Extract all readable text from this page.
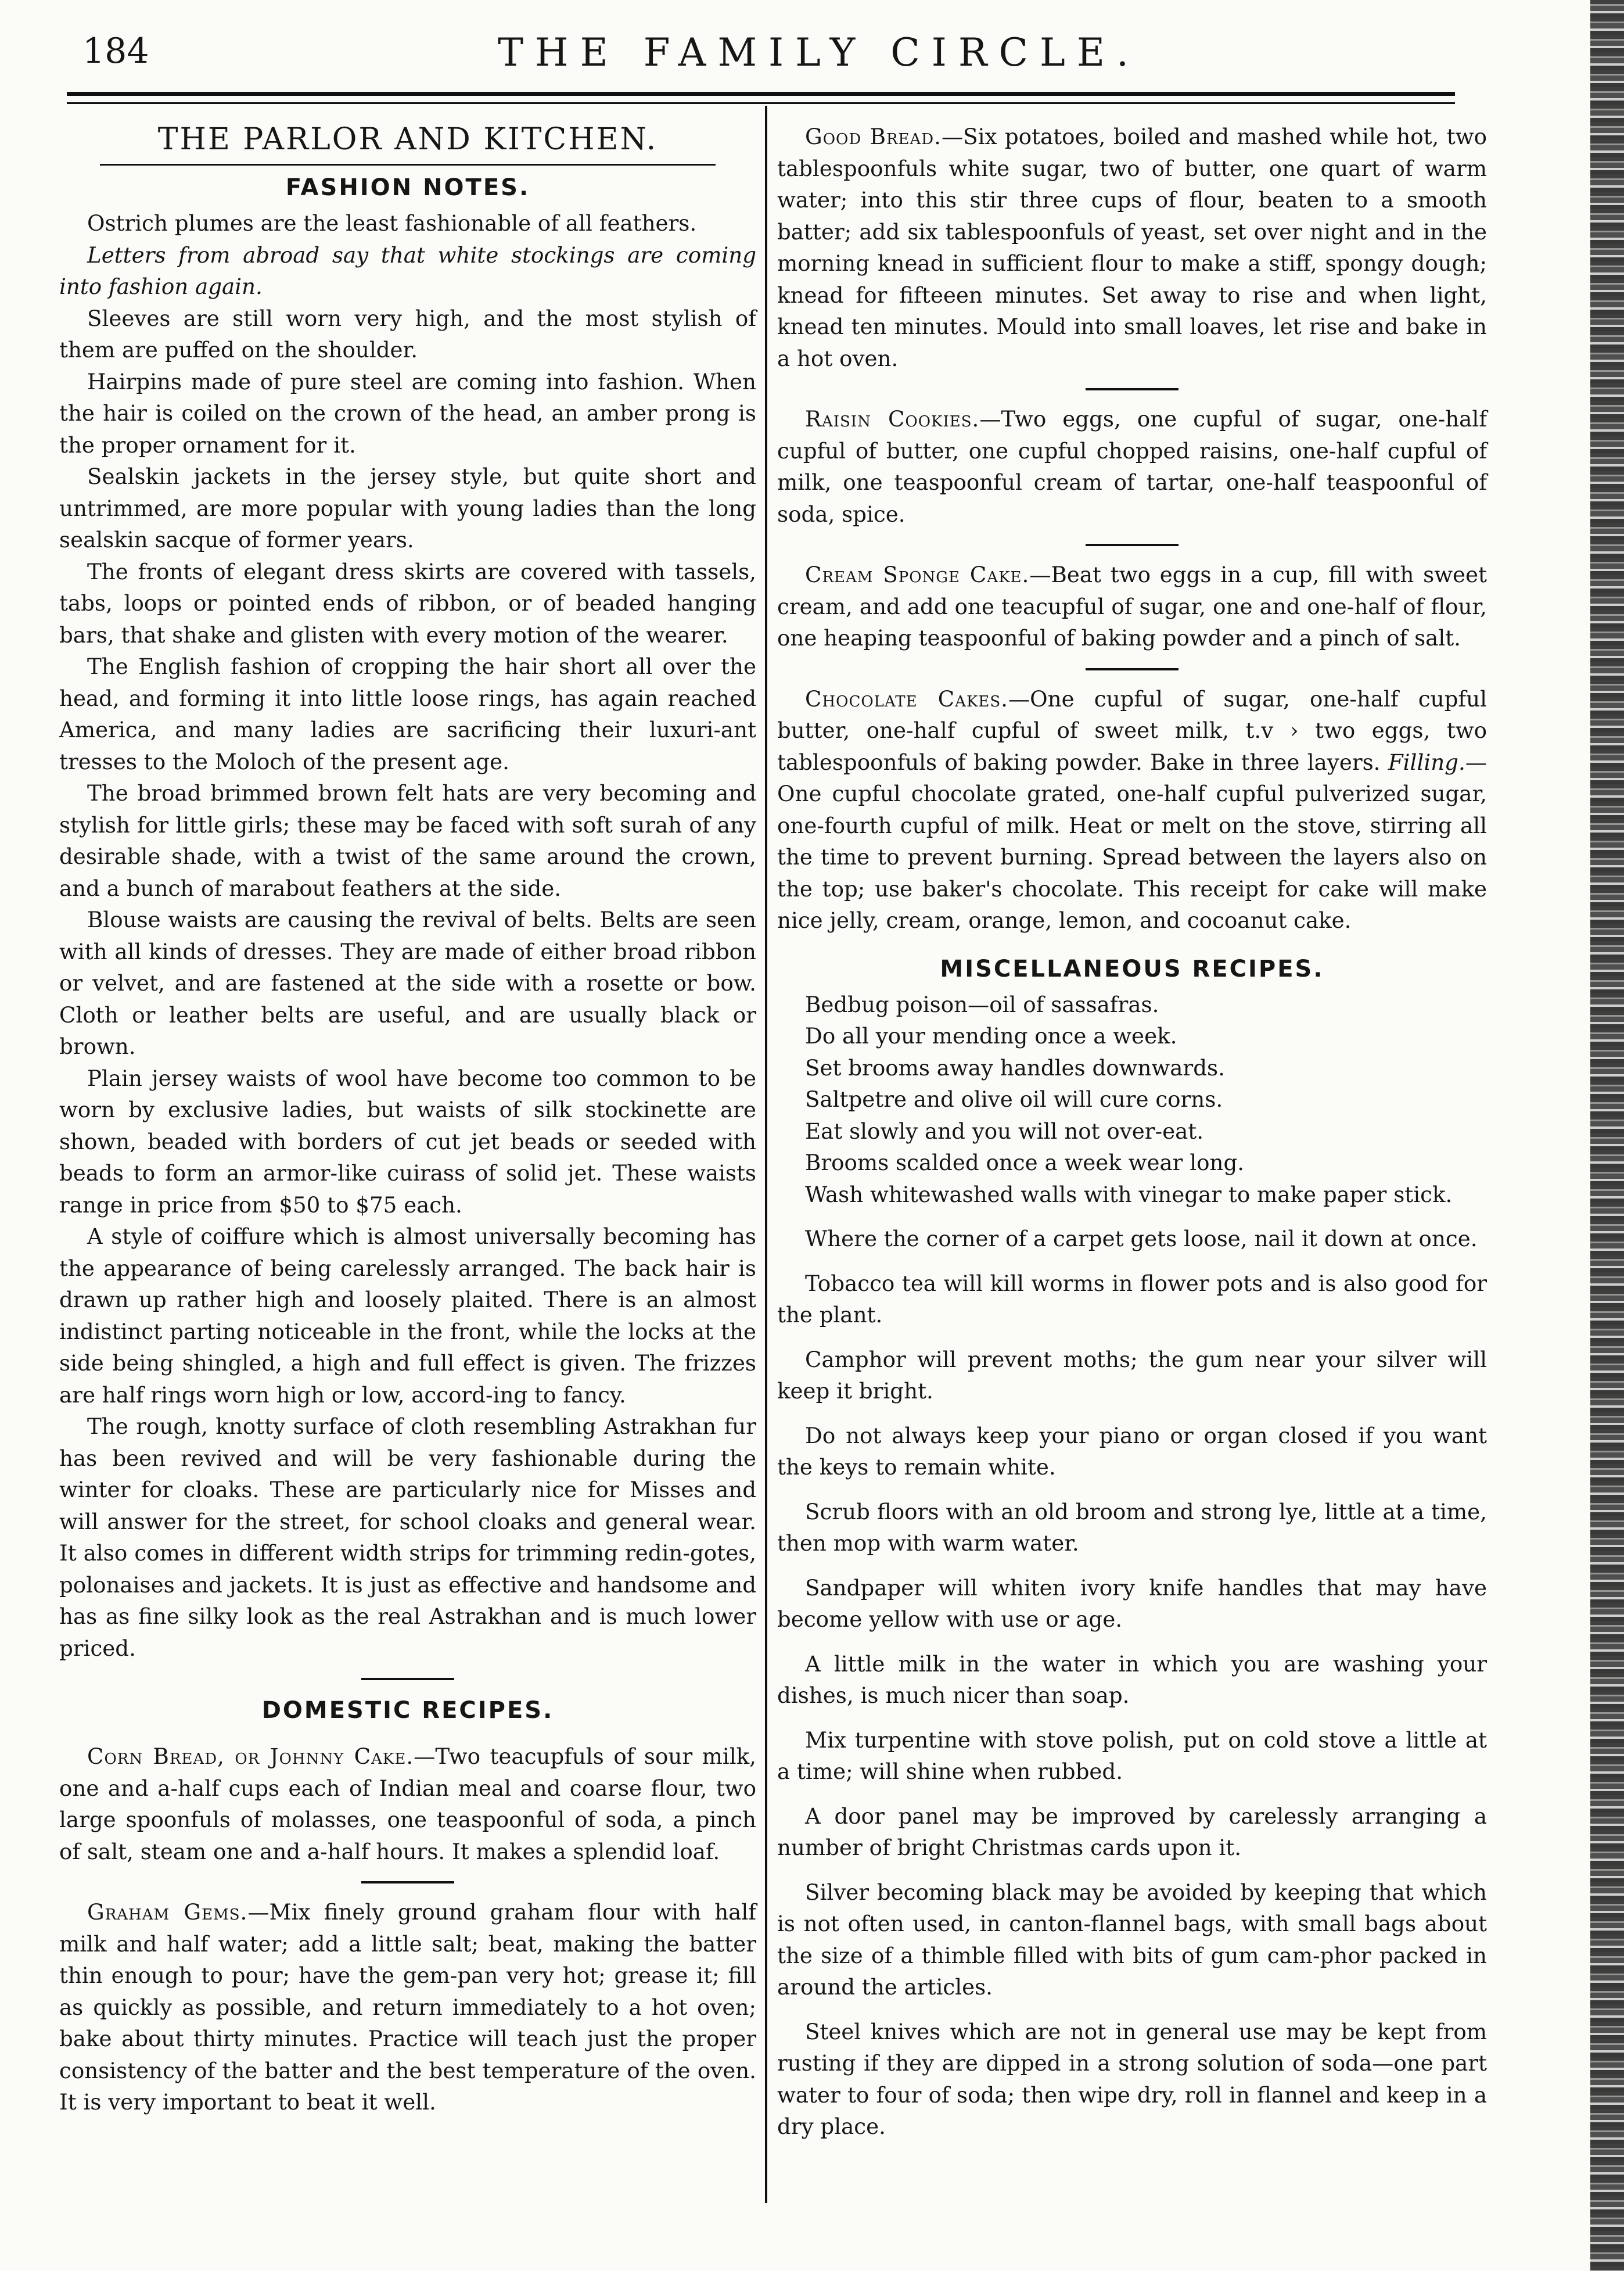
184	THE FAMILY CIRCLE.
THE PARLOR AND KITCHEN.
FASHION NOTES.

Ostrich plumes are the least fashionable of all feathers.

Letters from abroad say that white stockings are coming into fashion again.

Sleeves are still worn very high, and the most stylish of them are puffed on the shoulder.

Hairpins made of pure steel are coming into fashion. When the hair is coiled on the crown of the head, an amber prong is the proper ornament for it.

Sealskin jackets in the jersey style, but quite short and untrimmed, are more popular with young ladies than the long sealskin sacque of former years.

The fronts of elegant dress skirts are covered with tassels, tabs, loops or pointed ends of ribbon, or of beaded hanging bars, that shake and glisten with every motion of the wearer.

The English fashion of cropping the hair short all over the head, and forming it into little loose rings, has again reached America, and many ladies are sacrificing their luxuri-ant tresses to the Moloch of the present age.

The broad brimmed brown felt hats are very becoming and stylish for little girls; these may be faced with soft surah of any desirable shade, with a twist of the same around the crown, and a bunch of marabout feathers at the side.

Blouse waists are causing the revival of belts. Belts are seen with all kinds of dresses. They are made of either broad ribbon or velvet, and are fastened at the side with a rosette or bow. Cloth or leather belts are useful, and are usually black or brown.

Plain jersey waists of wool have become too common to be worn by exclusive ladies, but waists of silk stockinette are shown, beaded with borders of cut jet beads or seeded with beads to form an armor-like cuirass of solid jet. These waists range in price from $50 to $75 each.

A style of coiffure which is almost universally becoming has the appearance of being carelessly arranged. The back hair is drawn up rather high and loosely plaited. There is an almost indistinct parting noticeable in the front, while the locks at the side being shingled, a high and full effect is given. The frizzes are half rings worn high or low, accord-ing to fancy.

The rough, knotty surface of cloth resembling Astrakhan fur has been revived and will be very fashionable during the winter for cloaks. These are particularly nice for Misses and will answer for the street, for school cloaks and general wear. It also comes in different width strips for trimming redin-gotes, polonaises and jackets. It is just as effective and handsome and has as fine silky look as the real Astrakhan and is much lower priced.

DOMESTIC RECIPES.

Corn Bread, or Johnny Cake.—Two teacupfuls of sour milk, one and a-half cups each of Indian meal and coarse flour, two large spoonfuls of molasses, one teaspoonful of soda, a pinch of salt, steam one and a-half hours. It makes a splendid loaf.

Graham Gems.—Mix finely ground graham flour with half milk and half water; add a little salt; beat, making the batter thin enough to pour; have the gem-pan very hot; grease it; fill as quickly as possible, and return immediately to a hot oven; bake about thirty minutes. Practice will teach just the proper consistency of the batter and the best temperature of the oven. It is very important to beat it well.

Good Bread.—Six potatoes, boiled and mashed while hot, two tablespoonfuls white sugar, two of butter, one quart of warm water; into this stir three cups of flour, beaten to a smooth batter; add six tablespoonfuls of yeast, set over night and in the morning knead in sufficient flour to make a stiff, spongy dough; knead for fifteeen minutes. Set away to rise and when light, knead ten minutes. Mould into small loaves, let rise and bake in a hot oven.

Raisin Cookies.—Two eggs, one cupful of sugar, one-half cupful of butter, one cupful chopped raisins, one-half cupful of milk, one teaspoonful cream of tartar, one-half teaspoonful of soda, spice.

Cream Sponge Cake.—Beat two eggs in a cup, fill with sweet cream, and add one teacupful of sugar, one and one-half of flour, one heaping teaspoonful of baking powder and a pinch of salt.

Chocolate Cakes.—One cupful of sugar, one-half cupful butter, one-half cupful of sweet milk, t.v › two eggs, two tablespoonfuls of baking powder. Bake in three layers. Filling.—One cupful chocolate grated, one-half cupful pulverized sugar, one-fourth cupful of milk. Heat or melt on the stove, stirring all the time to prevent burning. Spread between the layers also on the top; use baker's chocolate. This receipt for cake will make nice jelly, cream, orange, lemon, and cocoanut cake.

MISCELLANEOUS RECIPES.

Bedbug poison—oil of sassafras.

Do all your mending once a week.

Set brooms away handles downwards.

Saltpetre and olive oil will cure corns.

Eat slowly and you will not over-eat.

Brooms scalded once a week wear long.

Wash whitewashed walls with vinegar to make paper stick.

Where the corner of a carpet gets loose, nail it down at once.

Tobacco tea will kill worms in flower pots and is also good for the plant.

Camphor will prevent moths; the gum near your silver will keep it bright.

Do not always keep your piano or organ closed if you want the keys to remain white.

Scrub floors with an old broom and strong lye, little at a time, then mop with warm water.

Sandpaper will whiten ivory knife handles that may have become yellow with use or age.

A little milk in the water in which you are washing your dishes, is much nicer than soap.

Mix turpentine with stove polish, put on cold stove a little at a time; will shine when rubbed.

A door panel may be improved by carelessly arranging a number of bright Christmas cards upon it.

Silver becoming black may be avoided by keeping that which is not often used, in canton-flannel bags, with small bags about the size of a thimble filled with bits of gum cam-phor packed in around the articles.

Steel knives which are not in general use may be kept from rusting if they are dipped in a strong solution of soda—one part water to four of soda; then wipe dry, roll in flannel and keep in a dry place.
